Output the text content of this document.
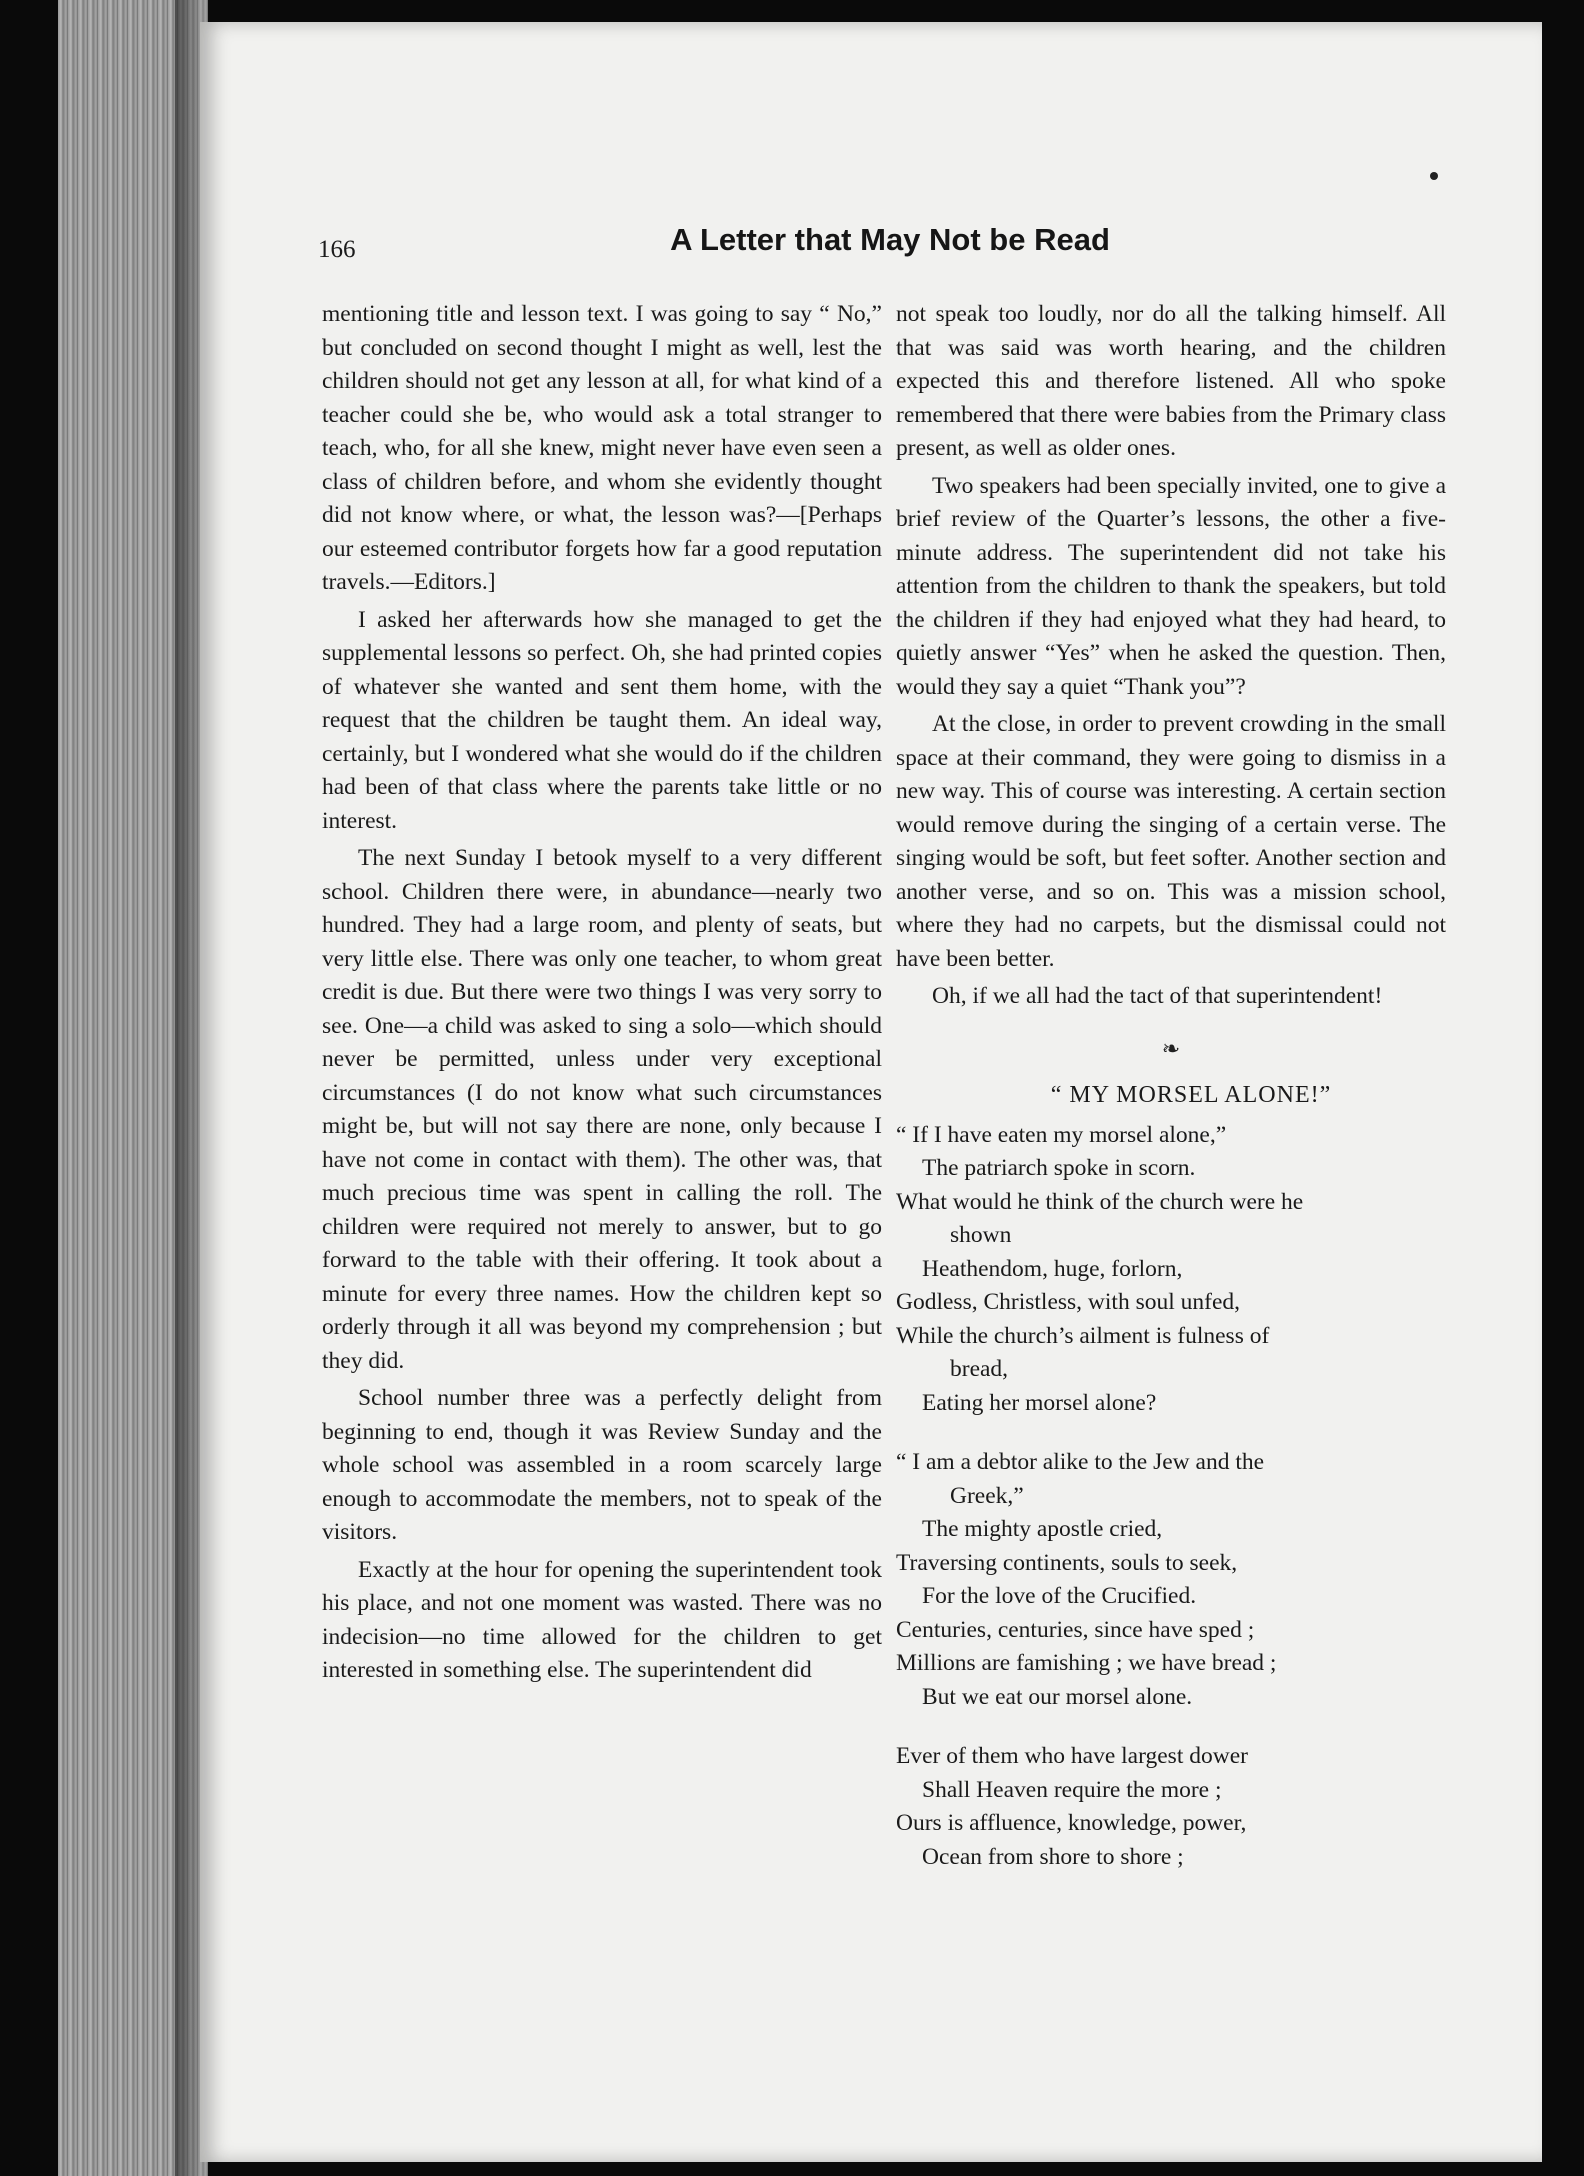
166	A Letter that May Not be Read

mentioning title and lesson text. I was going to say “ No,” but concluded on second thought I might as well, lest the children should not get any lesson at all, for what kind of a teacher could she be, who would ask a total stranger to teach, who, for all she knew, might never have even seen a class of children before, and whom she evidently thought did not know where, or what, the lesson was?—[Perhaps our esteemed contributor forgets how far a good reputation travels.—Editors.]

I asked her afterwards how she managed to get the supplemental lessons so perfect. Oh, she had printed copies of whatever she wanted and sent them home, with the request that the children be taught them. An ideal way, certainly, but I wondered what she would do if the children had been of that class where the parents take little or no interest.

The next Sunday I betook myself to a very different school. Children there were, in abundance—nearly two hundred. They had a large room, and plenty of seats, but very little else. There was only one teacher, to whom great credit is due. But there were two things I was very sorry to see. One—a child was asked to sing a solo—which should never be permitted, unless under very exceptional circumstances (I do not know what such circumstances might be, but will not say there are none, only because I have not come in contact with them). The other was, that much precious time was spent in calling the roll. The children were required not merely to answer, but to go forward to the table with their offering. It took about a minute for every three names. How the children kept so orderly through it all was beyond my comprehension ; but they did.

School number three was a perfectly delight from beginning to end, though it was Review Sunday and the whole school was assembled in a room scarcely large enough to accommodate the members, not to speak of the visitors.

Exactly at the hour for opening the superintendent took his place, and not one moment was wasted. There was no indecision—no time allowed for the children to get interested in something else. The superintendent did

not speak too loudly, nor do all the talking himself. All that was said was worth hearing, and the children expected this and therefore listened. All who spoke remembered that there were babies from the Primary class present, as well as older ones.

Two speakers had been specially invited, one to give a brief review of the Quarter’s lessons, the other a five-minute address. The superintendent did not take his attention from the children to thank the speakers, but told the children if they had enjoyed what they had heard, to quietly answer “Yes” when he asked the question. Then, would they say a quiet “Thank you”?

At the close, in order to prevent crowding in the small space at their command, they were going to dismiss in a new way. This of course was interesting. A certain section would remove during the singing of a certain verse. The singing would be soft, but feet softer. Another section and another verse, and so on. This was a mission school, where they had no carpets, but the dismissal could not have been better.

Oh, if we all had the tact of that superintendent!

❧
“ MY MORSEL ALONE!”
“ If I have eaten my morsel alone,”
The patriarch spoke in scorn.
What would he think of the church were he
shown
Heathendom, huge, forlorn,
Godless, Christless, with soul unfed,
While the church’s ailment is fulness of
bread,
Eating her morsel alone?
“ I am a debtor alike to the Jew and the
Greek,”
The mighty apostle cried,
Traversing continents, souls to seek,
For the love of the Crucified.
Centuries, centuries, since have sped ;
Millions are famishing ; we have bread ;
But we eat our morsel alone.
Ever of them who have largest dower
Shall Heaven require the more ;
Ours is affluence, knowledge, power,
Ocean from shore to shore ;
